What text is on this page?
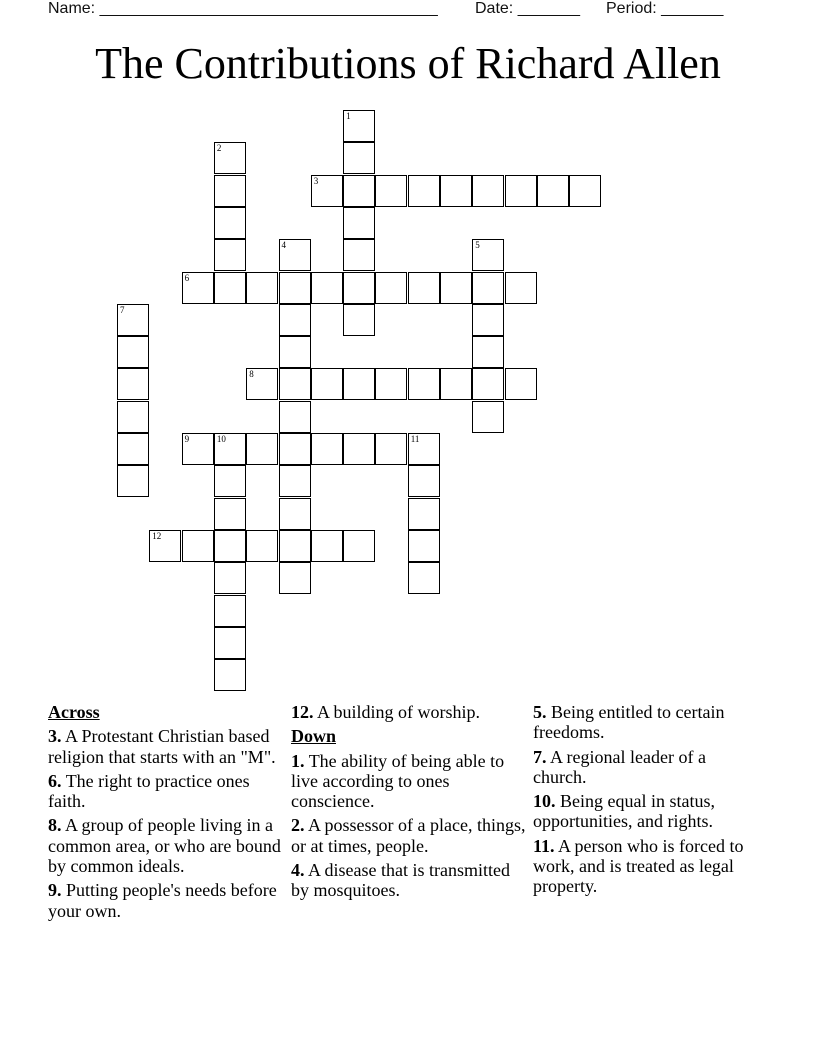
Name: ______________________________________ Date: _______ Period: _______
The Contributions of Richard Allen
1
2
3
4	5
6
7
8
9	10	11
12
Across
3. A Protestant Christian based religion that starts with an "M".
6. The right to practice ones faith.
8. A group of people living in a common area, or who are bound by common ideals.
9. Putting people's needs before your own.
12. A building of worship.
Down
1. The ability of being able to live according to ones conscience.
2. A possessor of a place, things, or at times, people.
4. A disease that is transmitted by mosquitoes.
5. Being entitled to certain freedoms.
7. A regional leader of a church.
10. Being equal in status, opportunities, and rights.
11. A person who is forced to work, and is treated as legal property.
